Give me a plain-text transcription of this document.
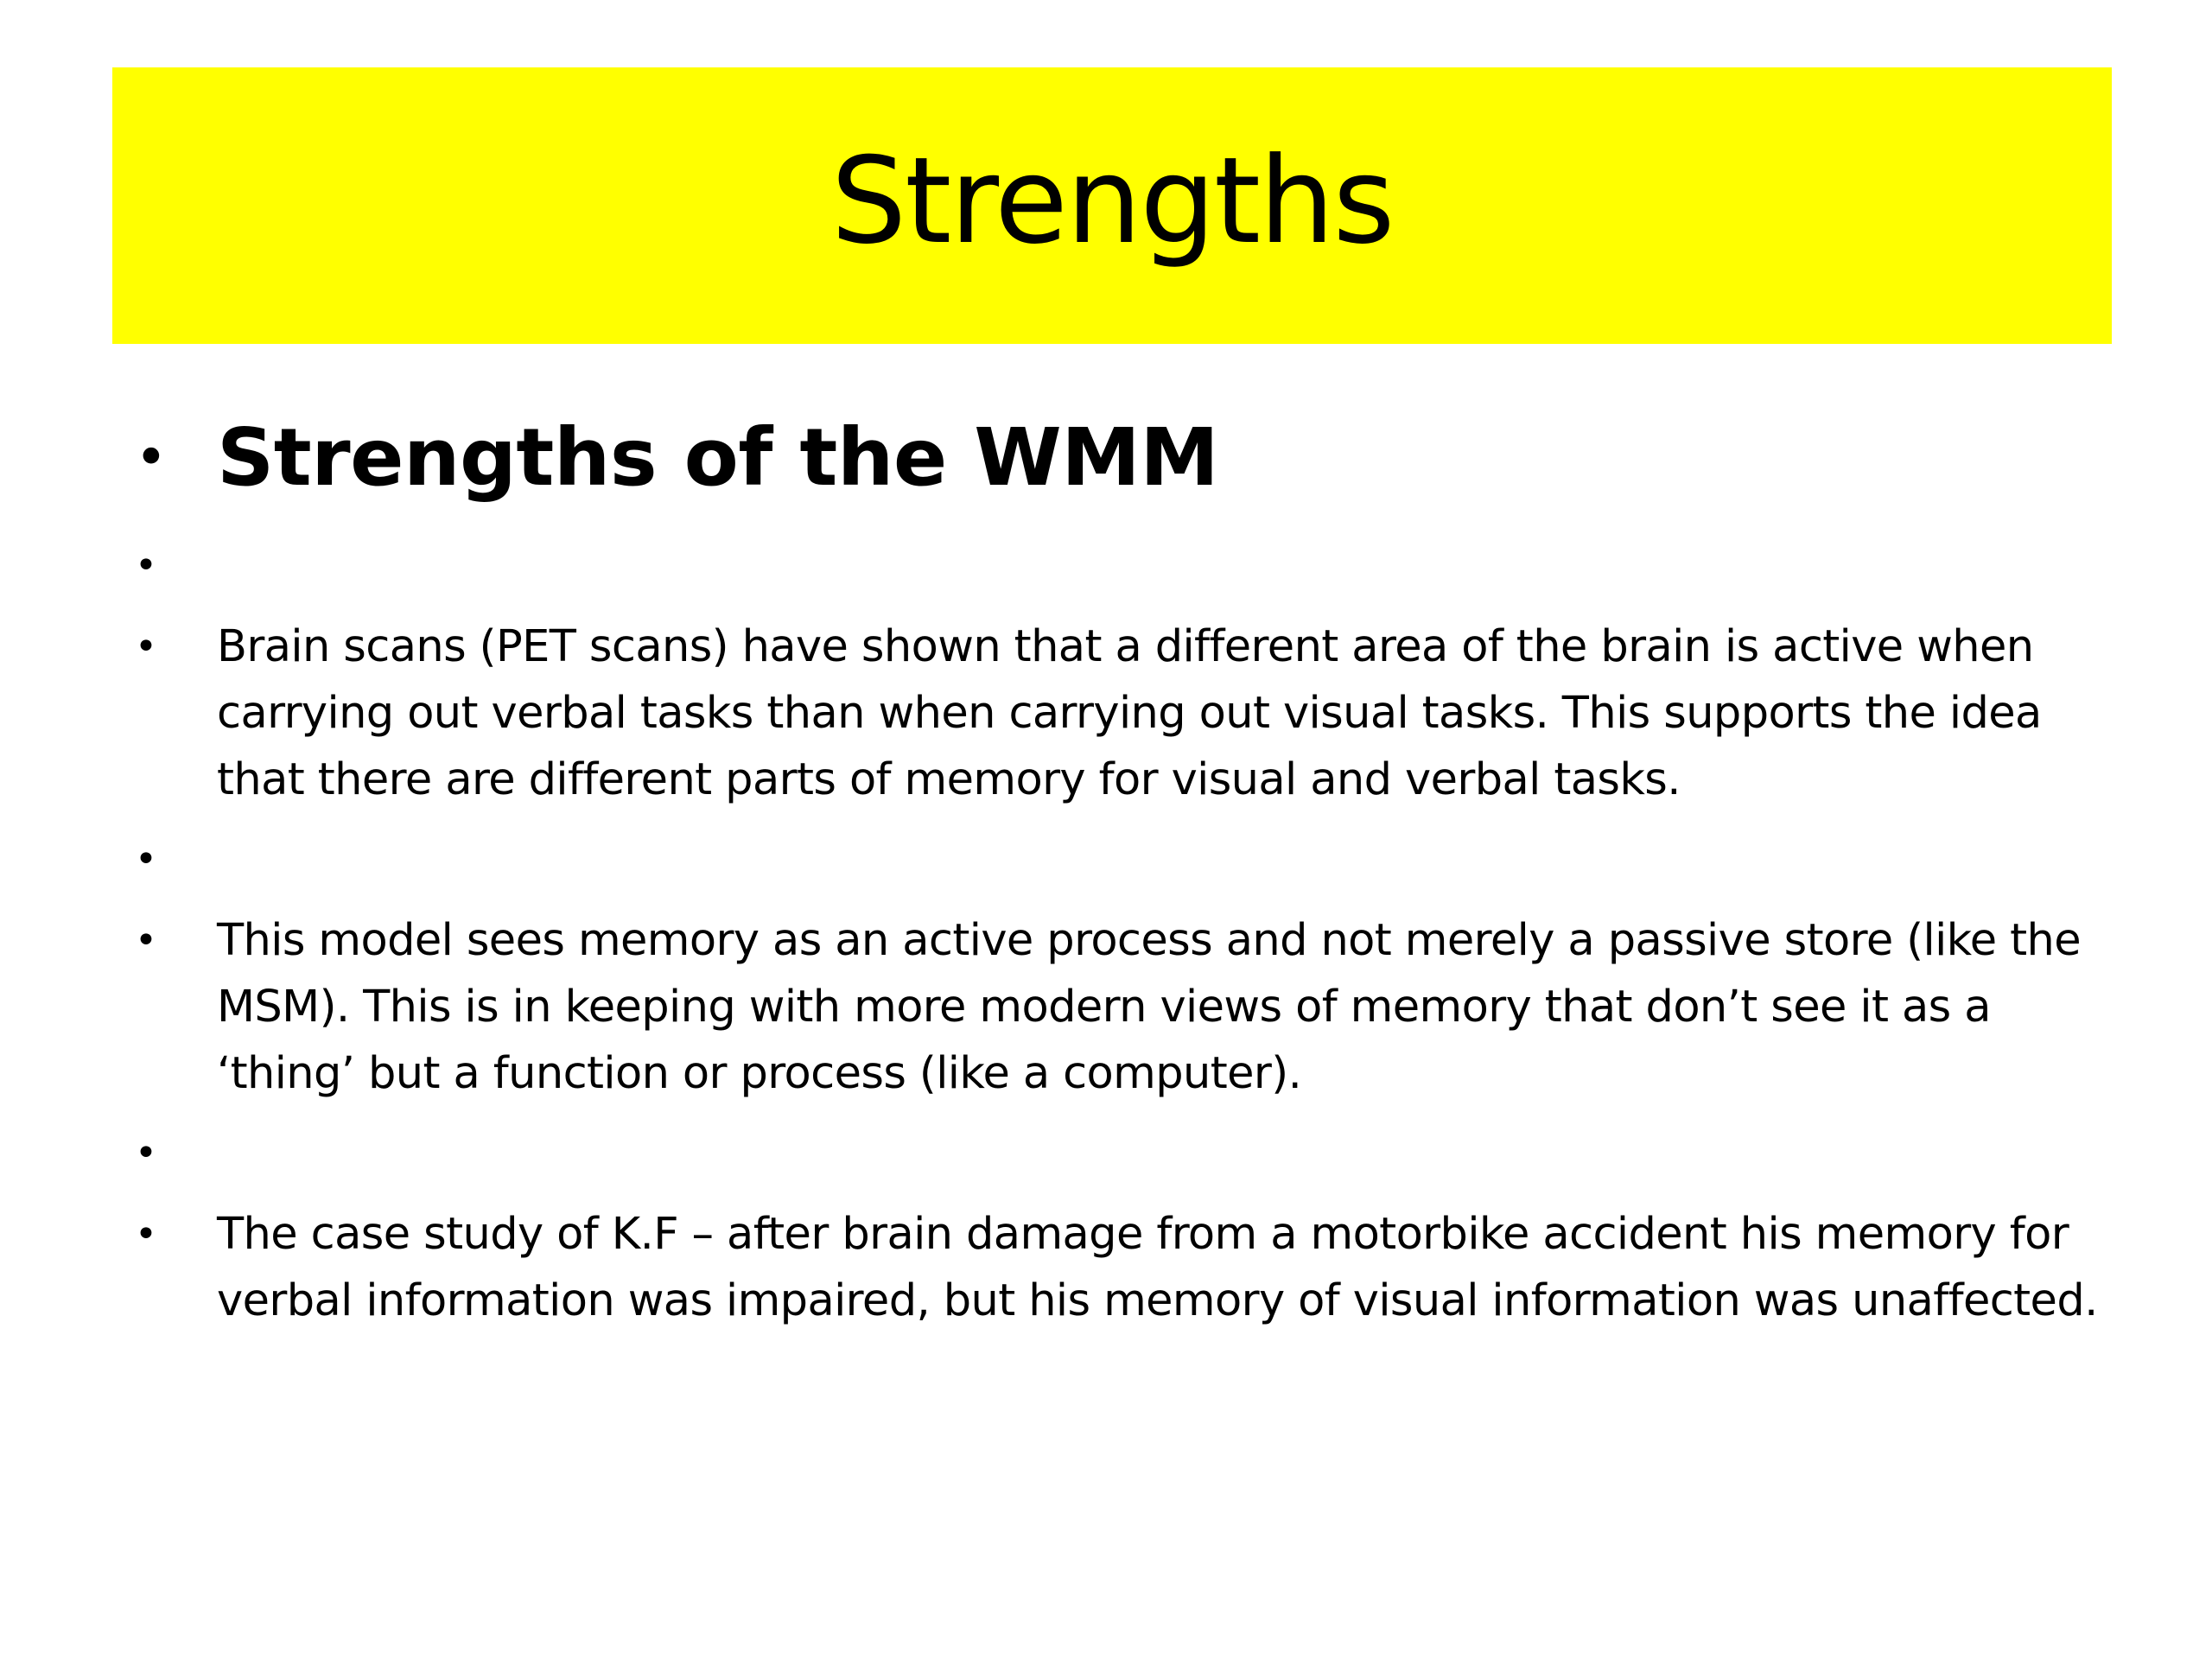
Strengths
• Strengths of the WMM
•
•	Brain scans (PET scans) have shown that a different area of the brain is active when carrying out verbal tasks than when carrying out visual tasks. This supports the idea that there are different parts of memory for visual and verbal tasks.
•
•	This model sees memory as an active process and not merely a passive store (like the MSM). This is in keeping with more modern views of memory that don’t see it as a ‘thing’ but a function or process (like a computer).
•
•	The case study of K.F – after brain damage from a motorbike accident his memory for verbal information was impaired, but his memory of visual information was unaffected.
